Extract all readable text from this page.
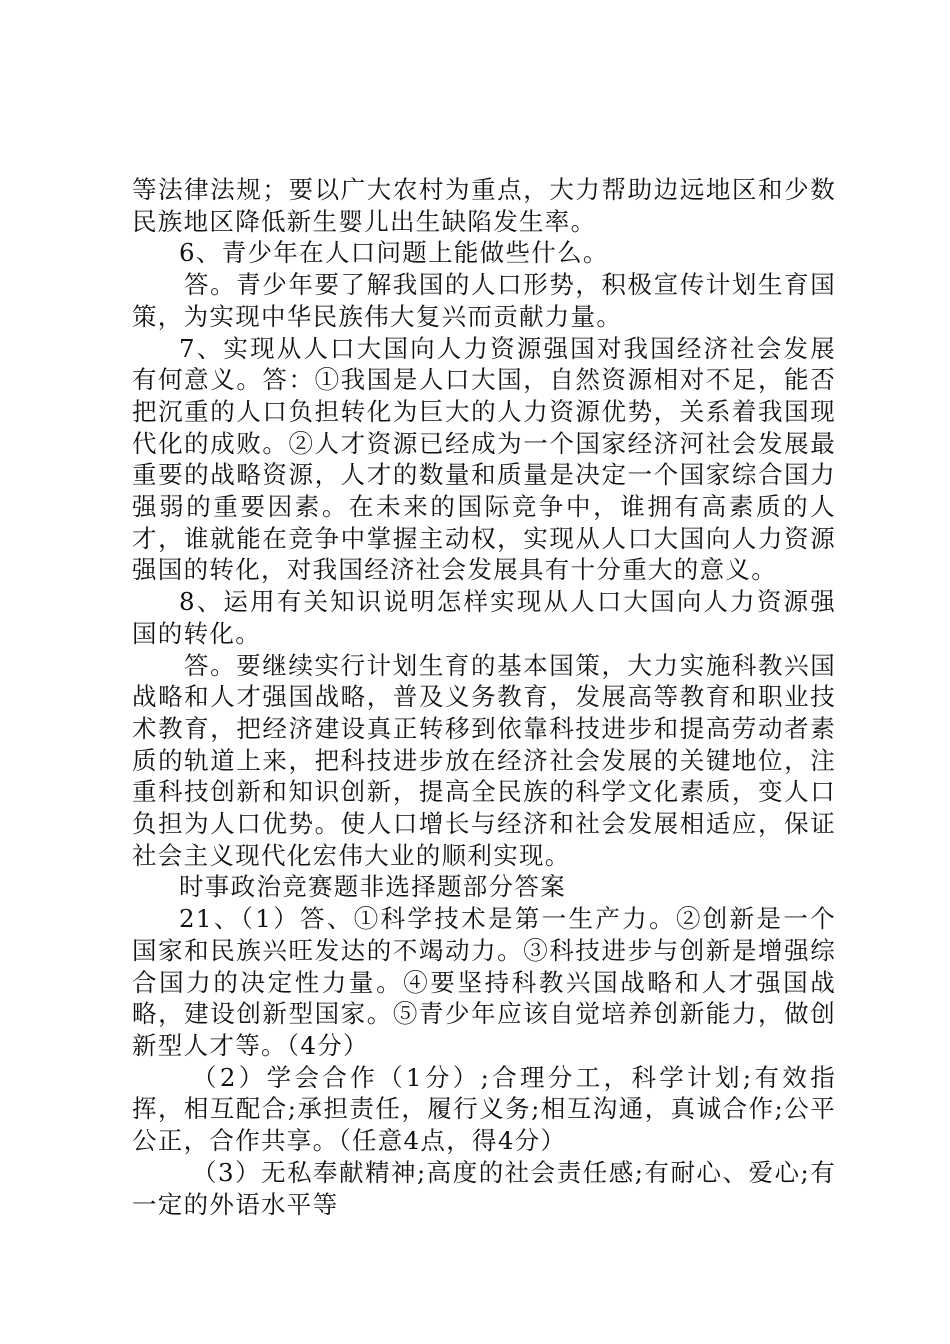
等法律法规；要以广大农村为重点，大力帮助边远地区和少数民族地区降低新生婴儿出生缺陷发生率。

6、青少年在人口问题上能做些什么。

答。青少年要了解我国的人口形势，积极宣传计划生育国策，为实现中华民族伟大复兴而贡献力量。

7、实现从人口大国向人力资源强国对我国经济社会发展有何意义。答：①我国是人口大国，自然资源相对不足，能否把沉重的人口负担转化为巨大的人力资源优势，关系着我国现代化的成败。②人才资源已经成为一个国家经济河社会发展最重要的战略资源，人才的数量和质量是决定一个国家综合国力强弱的重要因素。在未来的国际竞争中，谁拥有高素质的人才，谁就能在竞争中掌握主动权，实现从人口大国向人力资源强国的转化，对我国经济社会发展具有十分重大的意义。

8、运用有关知识说明怎样实现从人口大国向人力资源强国的转化。

答。要继续实行计划生育的基本国策，大力实施科教兴国战略和人才强国战略，普及义务教育，发展高等教育和职业技术教育，把经济建设真正转移到依靠科技进步和提高劳动者素质的轨道上来，把科技进步放在经济社会发展的关键地位，注重科技创新和知识创新，提高全民族的科学文化素质，变人口负担为人口优势。使人口增长与经济和社会发展相适应，保证社会主义现代化宏伟大业的顺利实现。

时事政治竞赛题非选择题部分答案

21、（1）答、①科学技术是第一生产力。②创新是一个国家和民族兴旺发达的不竭动力。③科技进步与创新是增强综合国力的决定性力量。④要坚持科教兴国战略和人才强国战略，建设创新型国家。⑤青少年应该自觉培养创新能力，做创新型人才等。（4分）

（2）学会合作（1分）;合理分工，科学计划;有效指挥，相互配合;承担责任，履行义务;相互沟通，真诚合作;公平公正，合作共享。（任意4点，得4分）

（3）无私奉献精神;高度的社会责任感;有耐心、爱心;有一定的外语水平等
